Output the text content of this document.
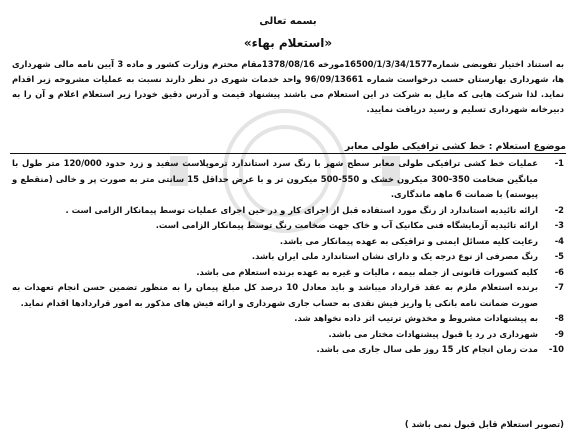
بسمه تعالی
«استعلام بهاء»
به استناد اختیار تفویضی شماره16500/1/3/34/1577مورخه 1378/08/16مقام محترم وزارت کشور و ماده 3 آیین نامه مالی شهرداری ها، شهرداری بهارستان حسب درخواست شماره 96/09/13661 واحد خدمات شهری در نظر دارند نسبت به عملیات مشروحه زیر اقدام نماید. لذا شرکت هایی که مایل به شرکت در این استعلام می باشند پیشنهاد قیمت و آدرس دقیق خودرا زیر استعلام اعلام و آن را به دبیرخانه شهرداری تسلیم و رسید دریافت نمایید.
موضوع استعلام : خط کشی ترافیکی طولی معابر
1-
عملیات خط کشی ترافیکی طولی معابر سطح شهر با رنگ سرد استاندارد ترموپلاست سفید و زرد حدود 120/000 متر طول با میانگین ضخامت 350-300 میکرون خشک و 550-500 میکرون تر و با عرض حداقل 15 سانتی متر به صورت پر و خالی (منقطع و پیوسته) با ضمانت 6 ماهه ماندگاری.
2-
ارائه تائیدیه استاندارد از رنگ مورد استفاده قبل از اجرای کار و در حین اجرای عملیات توسط پیمانکار الزامی است .
3-
ارائه تائیدیه آزمایشگاه فنی مکانیک آب و خاک جهت ضخامت رنگ توسط پیمانکار الزامی است.
4-
رعایت کلیه مسائل ایمنی و ترافیکی به عهده پیمانکار می باشد.
5-
رنگ مصرفی از نوع درجه یک و دارای نشان استاندارد ملی ایران باشد.
6-
کلیه کسورات قانونی از جمله بیمه ، مالیات و غیره به عهده برنده استعلام می باشد.
7-
برنده استعلام ملزم به عقد قرارداد میباشد و باید معادل 10 درصد کل مبلغ پیمان را به منظور تضمین حسن انجام تعهدات به صورت ضمانت نامه بانکی یا واریز فیش نقدی به حساب جاری شهرداری و ارائه فیش های مذکور به امور قراردادها اقدام نماید.
8-
به پیشنهادات مشروط و مخدوش ترتیب اثر داده نخواهد شد.
9-
شهرداری در رد یا قبول پیشنهادات مختار می باشد.
10-
مدت زمان انجام کار 15 روز طی سال جاری می باشد.
(تصویر استعلام قابل قبول نمی باشد )
